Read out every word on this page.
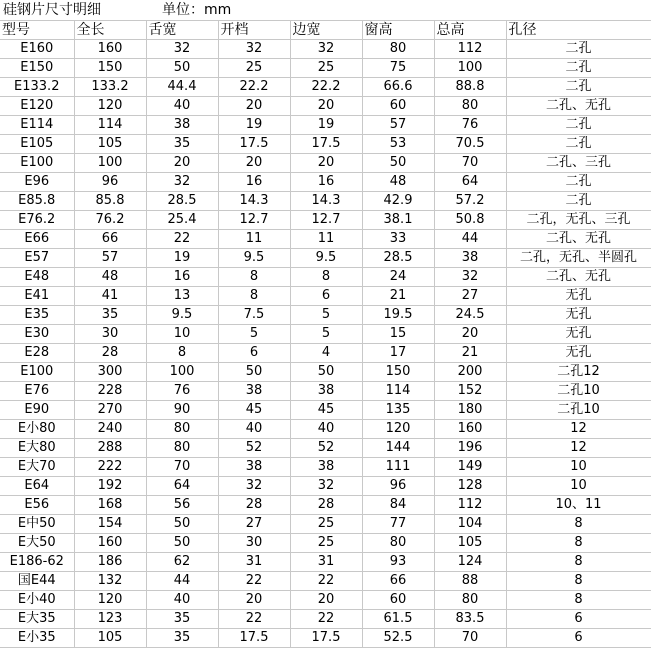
硅钢片尺寸明细	单位：mm
型号	全长	舌宽	开档	边宽	窗高	总高	孔径
E160	160	32	32	32	80	112	二孔
E150	150	50	25	25	75	100	二孔
E133.2	133.2	44.4	22.2	22.2	66.6	88.8	二孔
E120	120	40	20	20	60	80	二孔、无孔
E114	114	38	19	19	57	76	二孔
E105	105	35	17.5	17.5	53	70.5	二孔
E100	100	20	20	20	50	70	二孔、三孔
E96	96	32	16	16	48	64	二孔
E85.8	85.8	28.5	14.3	14.3	42.9	57.2	二孔
E76.2	76.2	25.4	12.7	12.7	38.1	50.8	二孔，无孔、三孔
E66	66	22	11	11	33	44	二孔、无孔
E57	57	19	9.5	9.5	28.5	38	二孔，无孔、半圆孔
E48	48	16	8	8	24	32	二孔、无孔
E41	41	13	8	6	21	27	无孔
E35	35	9.5	7.5	5	19.5	24.5	无孔
E30	30	10	5	5	15	20	无孔
E28	28	8	6	4	17	21	无孔
E100	300	100	50	50	150	200	二孔12
E76	228	76	38	38	114	152	二孔10
E90	270	90	45	45	135	180	二孔10
E小80	240	80	40	40	120	160	12
E大80	288	80	52	52	144	196	12
E大70	222	70	38	38	111	149	10
E64	192	64	32	32	96	128	10
E56	168	56	28	28	84	112	10、11
E中50	154	50	27	25	77	104	8
E大50	160	50	30	25	80	105	8
E186-62	186	62	31	31	93	124	8
国E44	132	44	22	22	66	88	8
E小40	120	40	20	20	60	80	8
E大35	123	35	22	22	61.5	83.5	6
E小35	105	35	17.5	17.5	52.5	70	6
